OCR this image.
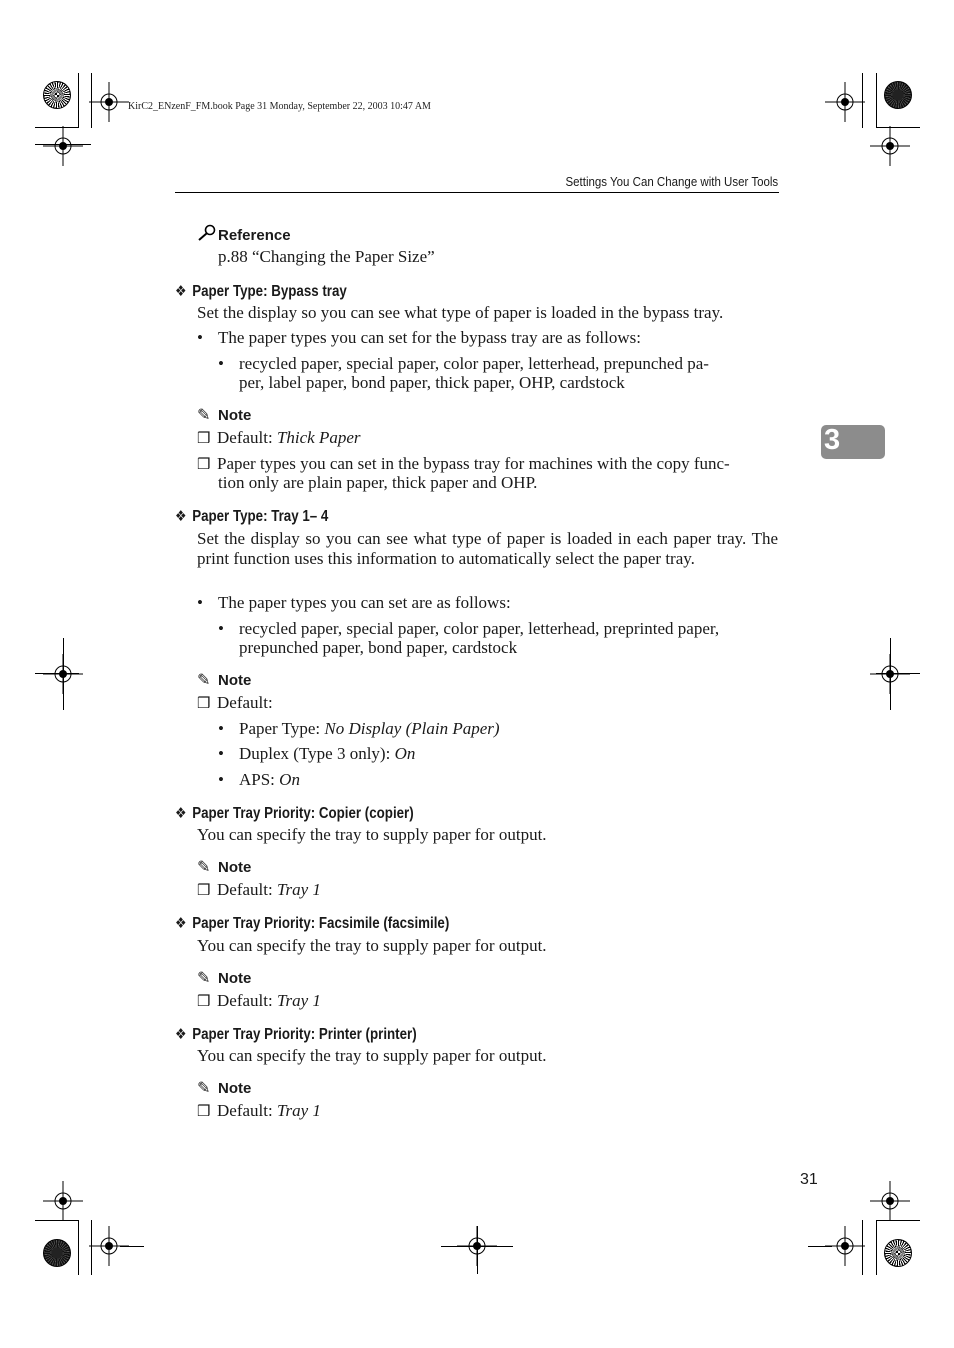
KirC2_ENzenF_FM.book Page 31 Monday, September 22, 2003 10:47 AM
Settings You Can Change with User Tools
3
Reference
p.88 “Changing the Paper Size”
❖ Paper Type: Bypass tray
Set the display so you can see what type of paper is loaded in the bypass tray.
• The paper types you can set for the bypass tray are as follows:
• recycled paper, special paper, color paper, letterhead, prepunched pa-
per, label paper, bond paper, thick paper, OHP, cardstock
✎ Note
❒ Default: Thick Paper
❒ Paper types you can set in the bypass tray for machines with the copy func-
tion only are plain paper, thick paper and OHP.
❖ Paper Type: Tray 1– 4
Set the display so you can see what type of paper is loaded in each paper tray. The print function uses this information to automatically select the paper tray.
• The paper types you can set are as follows:
• recycled paper, special paper, color paper, letterhead, preprinted paper,
prepunched paper, bond paper, cardstock
✎ Note
❒ Default:
• Paper Type: No Display (Plain Paper)
• Duplex (Type 3 only): On
• APS: On
❖ Paper Tray Priority: Copier (copier)
You can specify the tray to supply paper for output.
✎ Note
❒ Default: Tray 1
❖ Paper Tray Priority: Facsimile (facsimile)
You can specify the tray to supply paper for output.
✎ Note
❒ Default: Tray 1
❖ Paper Tray Priority: Printer (printer)
You can specify the tray to supply paper for output.
✎ Note
❒ Default: Tray 1
31
